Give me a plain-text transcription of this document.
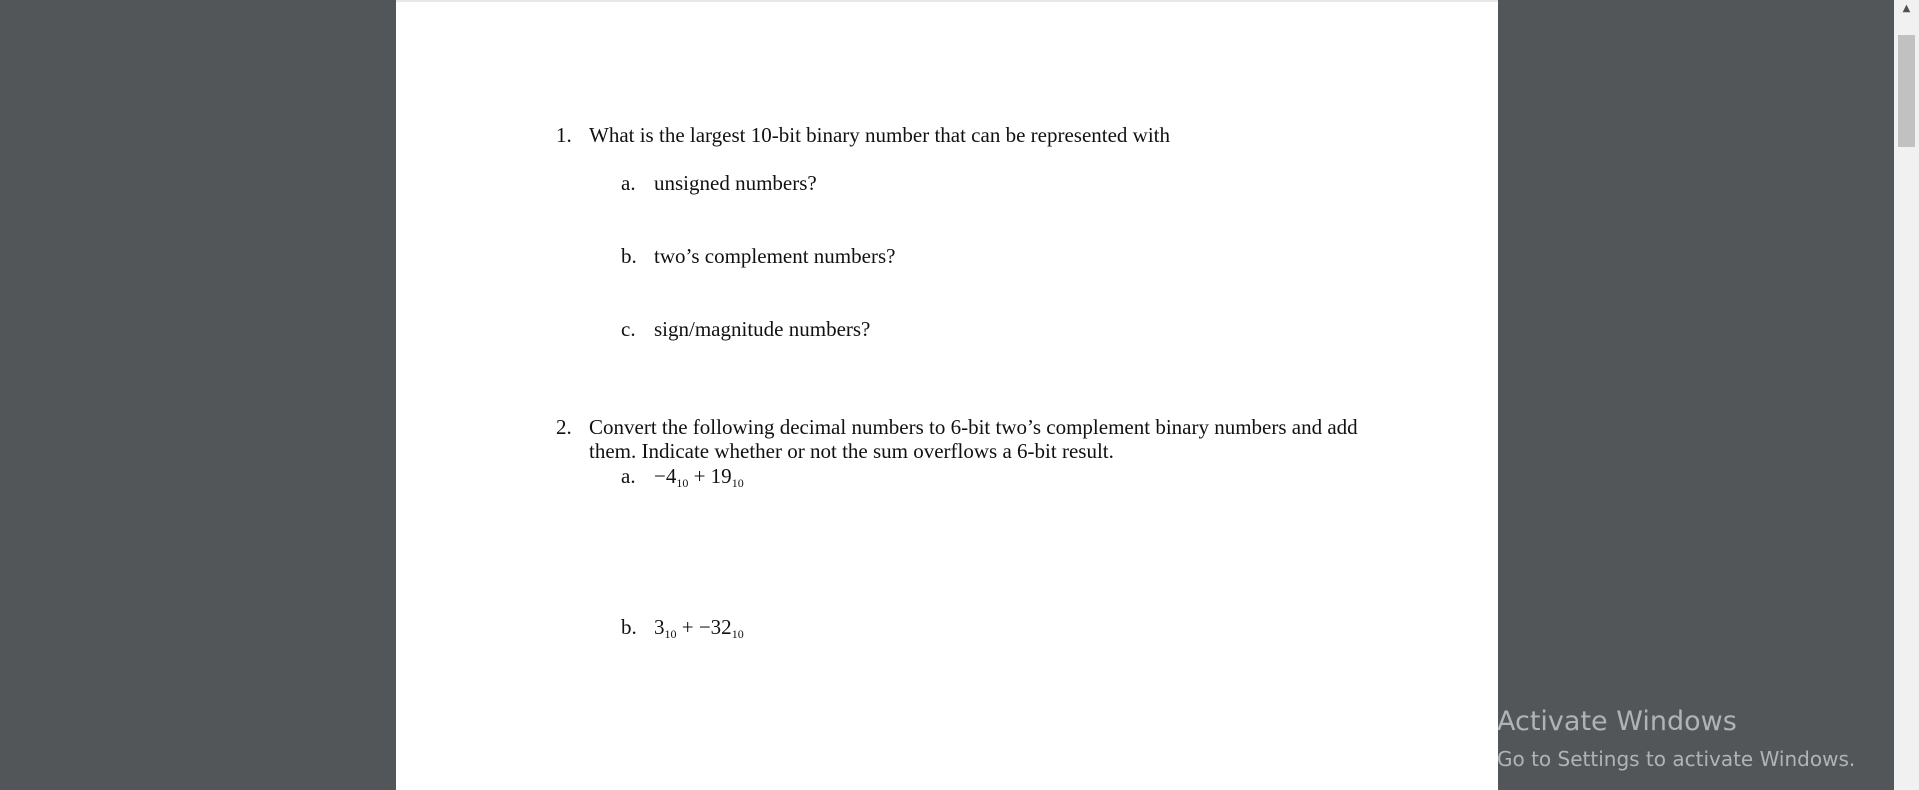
1. What is the largest 10-bit binary number that can be represented with
a. unsigned numbers?
b. two’s complement numbers?
c. sign/magnitude numbers?
2. Convert the following decimal numbers to 6-bit two’s complement binary numbers and add
them. Indicate whether or not the sum overflows a 6-bit result.
a. −410 + 1910
b. 310 + −3210
Activate Windows
Go to Settings to activate Windows.
▲
